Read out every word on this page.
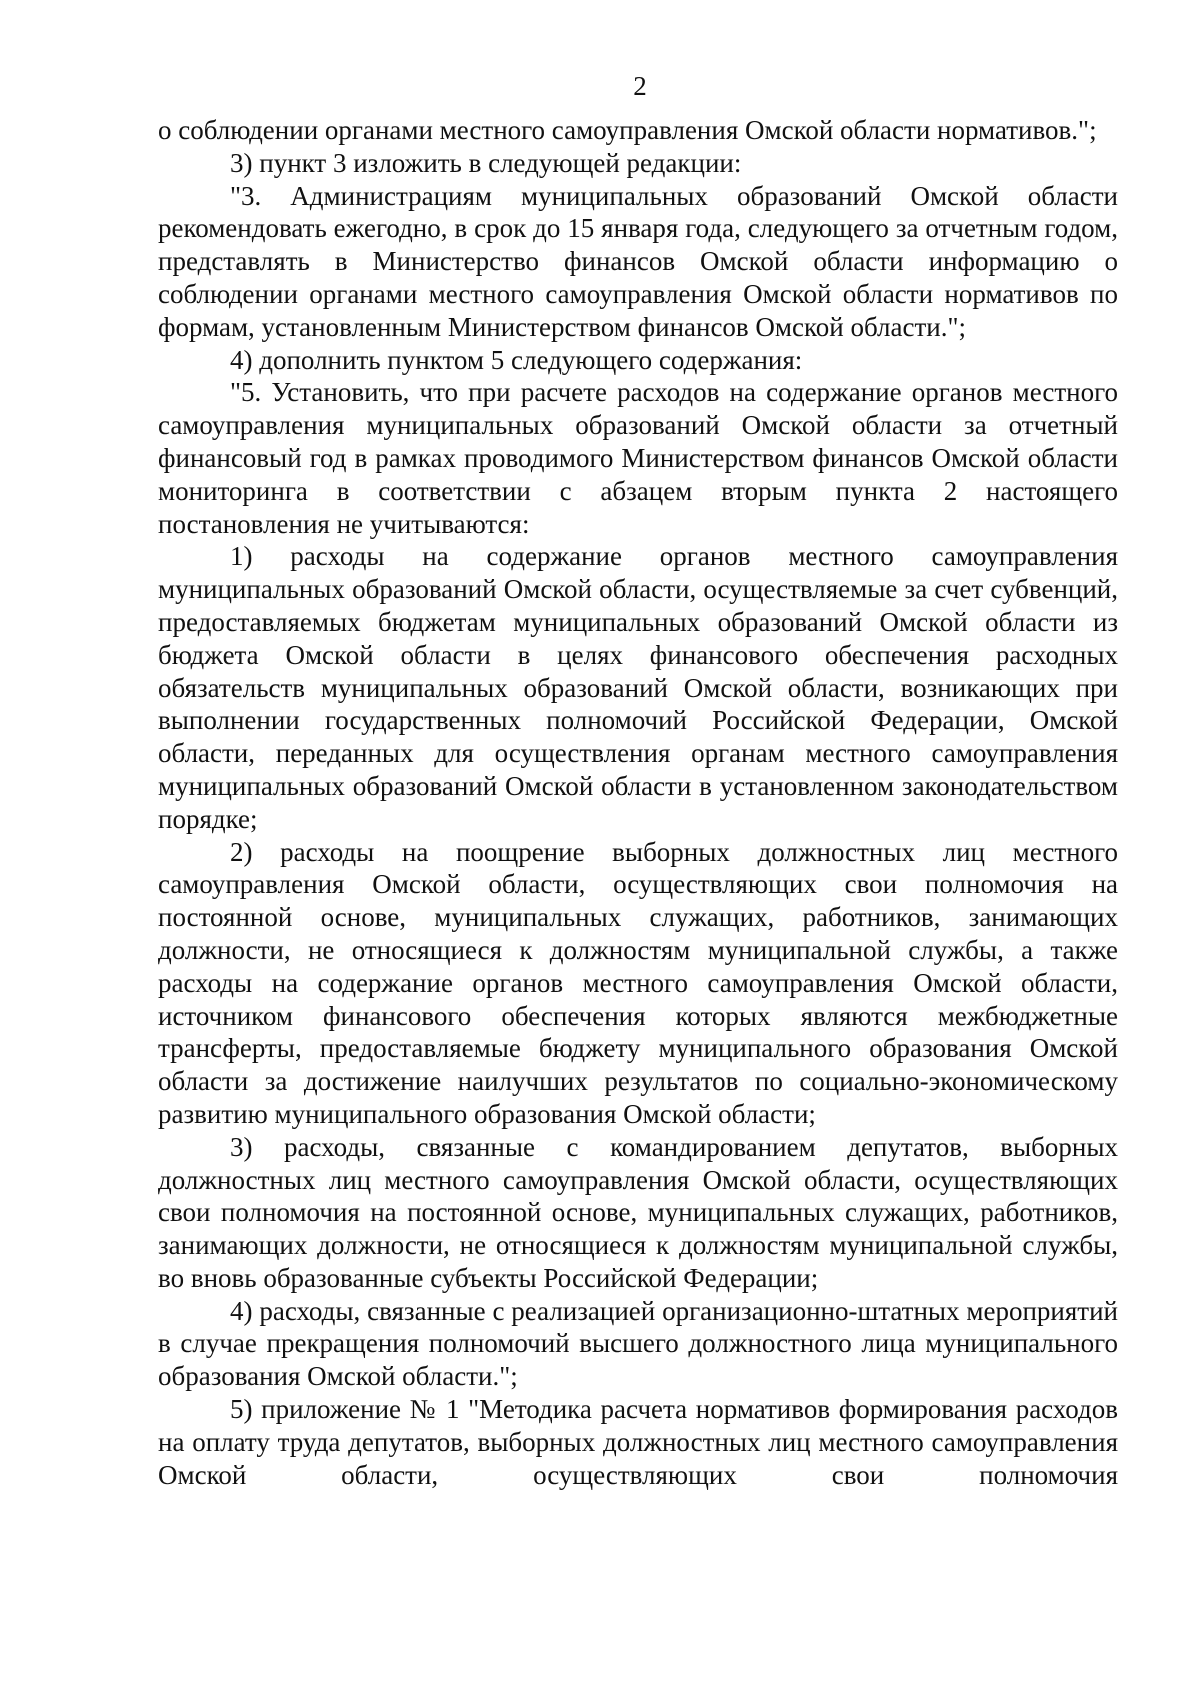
2

о соблюдении органами местного самоуправления Омской области нормативов.";

3) пункт 3 изложить в следующей редакции:

"3. Администрациям муниципальных образований Омской области рекомендовать ежегодно, в срок до 15 января года, следующего за отчетным годом, представлять в Министерство финансов Омской области информацию о соблюдении органами местного самоуправления Омской области нормативов по формам, установленным Министерством финансов Омской области.";

4) дополнить пунктом 5 следующего содержания:

"5. Установить, что при расчете расходов на содержание органов местного самоуправления муниципальных образований Омской области за отчетный финансовый год в рамках проводимого Министерством финансов Омской области мониторинга в соответствии с абзацем вторым пункта 2 настоящего постановления не учитываются:

1) расходы на содержание органов местного самоуправления муниципальных образований Омской области, осуществляемые за счет субвенций, предоставляемых бюджетам муниципальных образований Омской области из бюджета Омской области в целях финансового обеспечения расходных обязательств муниципальных образований Омской области, возникающих при выполнении государственных полномочий Российской Федерации, Омской области, переданных для осуществления органам местного самоуправления муниципальных образований Омской области в установленном законодательством порядке;

2) расходы на поощрение выборных должностных лиц местного самоуправления Омской области, осуществляющих свои полномочия на постоянной основе, муниципальных служащих, работников, занимающих должности, не относящиеся к должностям муниципальной службы, а также расходы на содержание органов местного самоуправления Омской области, источником финансового обеспечения которых являются межбюджетные трансферты, предоставляемые бюджету муниципального образования Омской области за достижение наилучших результатов по социально-экономическому развитию муниципального образования Омской области;

3) расходы, связанные с командированием депутатов, выборных должностных лиц местного самоуправления Омской области, осуществляющих свои полномочия на постоянной основе, муниципальных служащих, работников, занимающих должности, не относящиеся к должностям муниципальной службы, во вновь образованные субъекты Российской Федерации;

4) расходы, связанные с реализацией организационно-штатных мероприятий в случае прекращения полномочий высшего должностного лица муниципального образования Омской области.";

5) приложение № 1 "Методика расчета нормативов формирования расходов на оплату труда депутатов, выборных должностных лиц местного самоуправления Омской области, осуществляющих свои полномочия
